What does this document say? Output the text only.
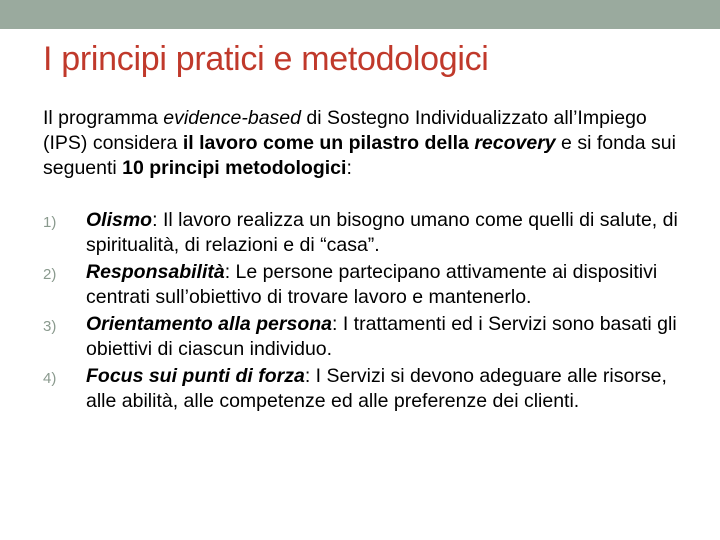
I principi pratici e metodologici

Il programma evidence-based di Sostegno Individualizzato all’Impiego (IPS) considera il lavoro come un pilastro della recovery e si fonda sui seguenti 10 principi metodologici:

1) Olismo: Il lavoro realizza un bisogno umano come quelli di salute, di spiritualità, di relazioni e di “casa”.
2) Responsabilità: Le persone partecipano attivamente ai dispositivi centrati sull’obiettivo di trovare lavoro e mantenerlo.
3) Orientamento alla persona: I trattamenti ed i Servizi sono basati gli obiettivi di ciascun individuo.
4) Focus sui punti di forza: I Servizi si devono adeguare alle risorse, alle abilità, alle competenze ed alle preferenze dei clienti.
